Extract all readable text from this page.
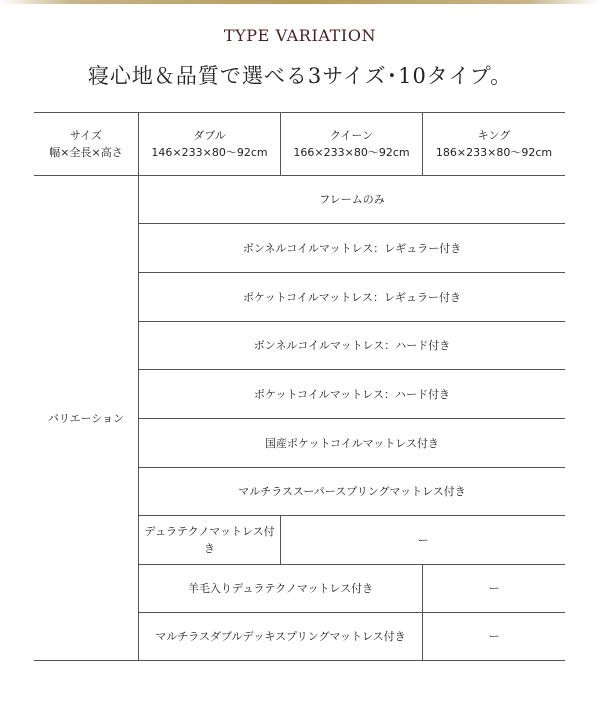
TYPE VARIATION
寝心地＆品質で選べる3サイズ･10タイプ。
サイズ
幅×全長×高さ
ダブル
146×233×80～92cm
クイーン
166×233×80～92cm
キング
186×233×80～92cm
バリエーション
フレームのみ
ボンネルコイルマットレス：レギュラー付き
ポケットコイルマットレス：レギュラー付き
ボンネルコイルマットレス：ハード付き
ポケットコイルマットレス：ハード付き
国産ポケットコイルマットレス付き
マルチラススーパースプリングマットレス付き
デュラテクノマットレス付き
ー
羊毛入りデュラテクノマットレス付き	ー
マルチラスダブルデッキスプリングマットレス付き	ー
